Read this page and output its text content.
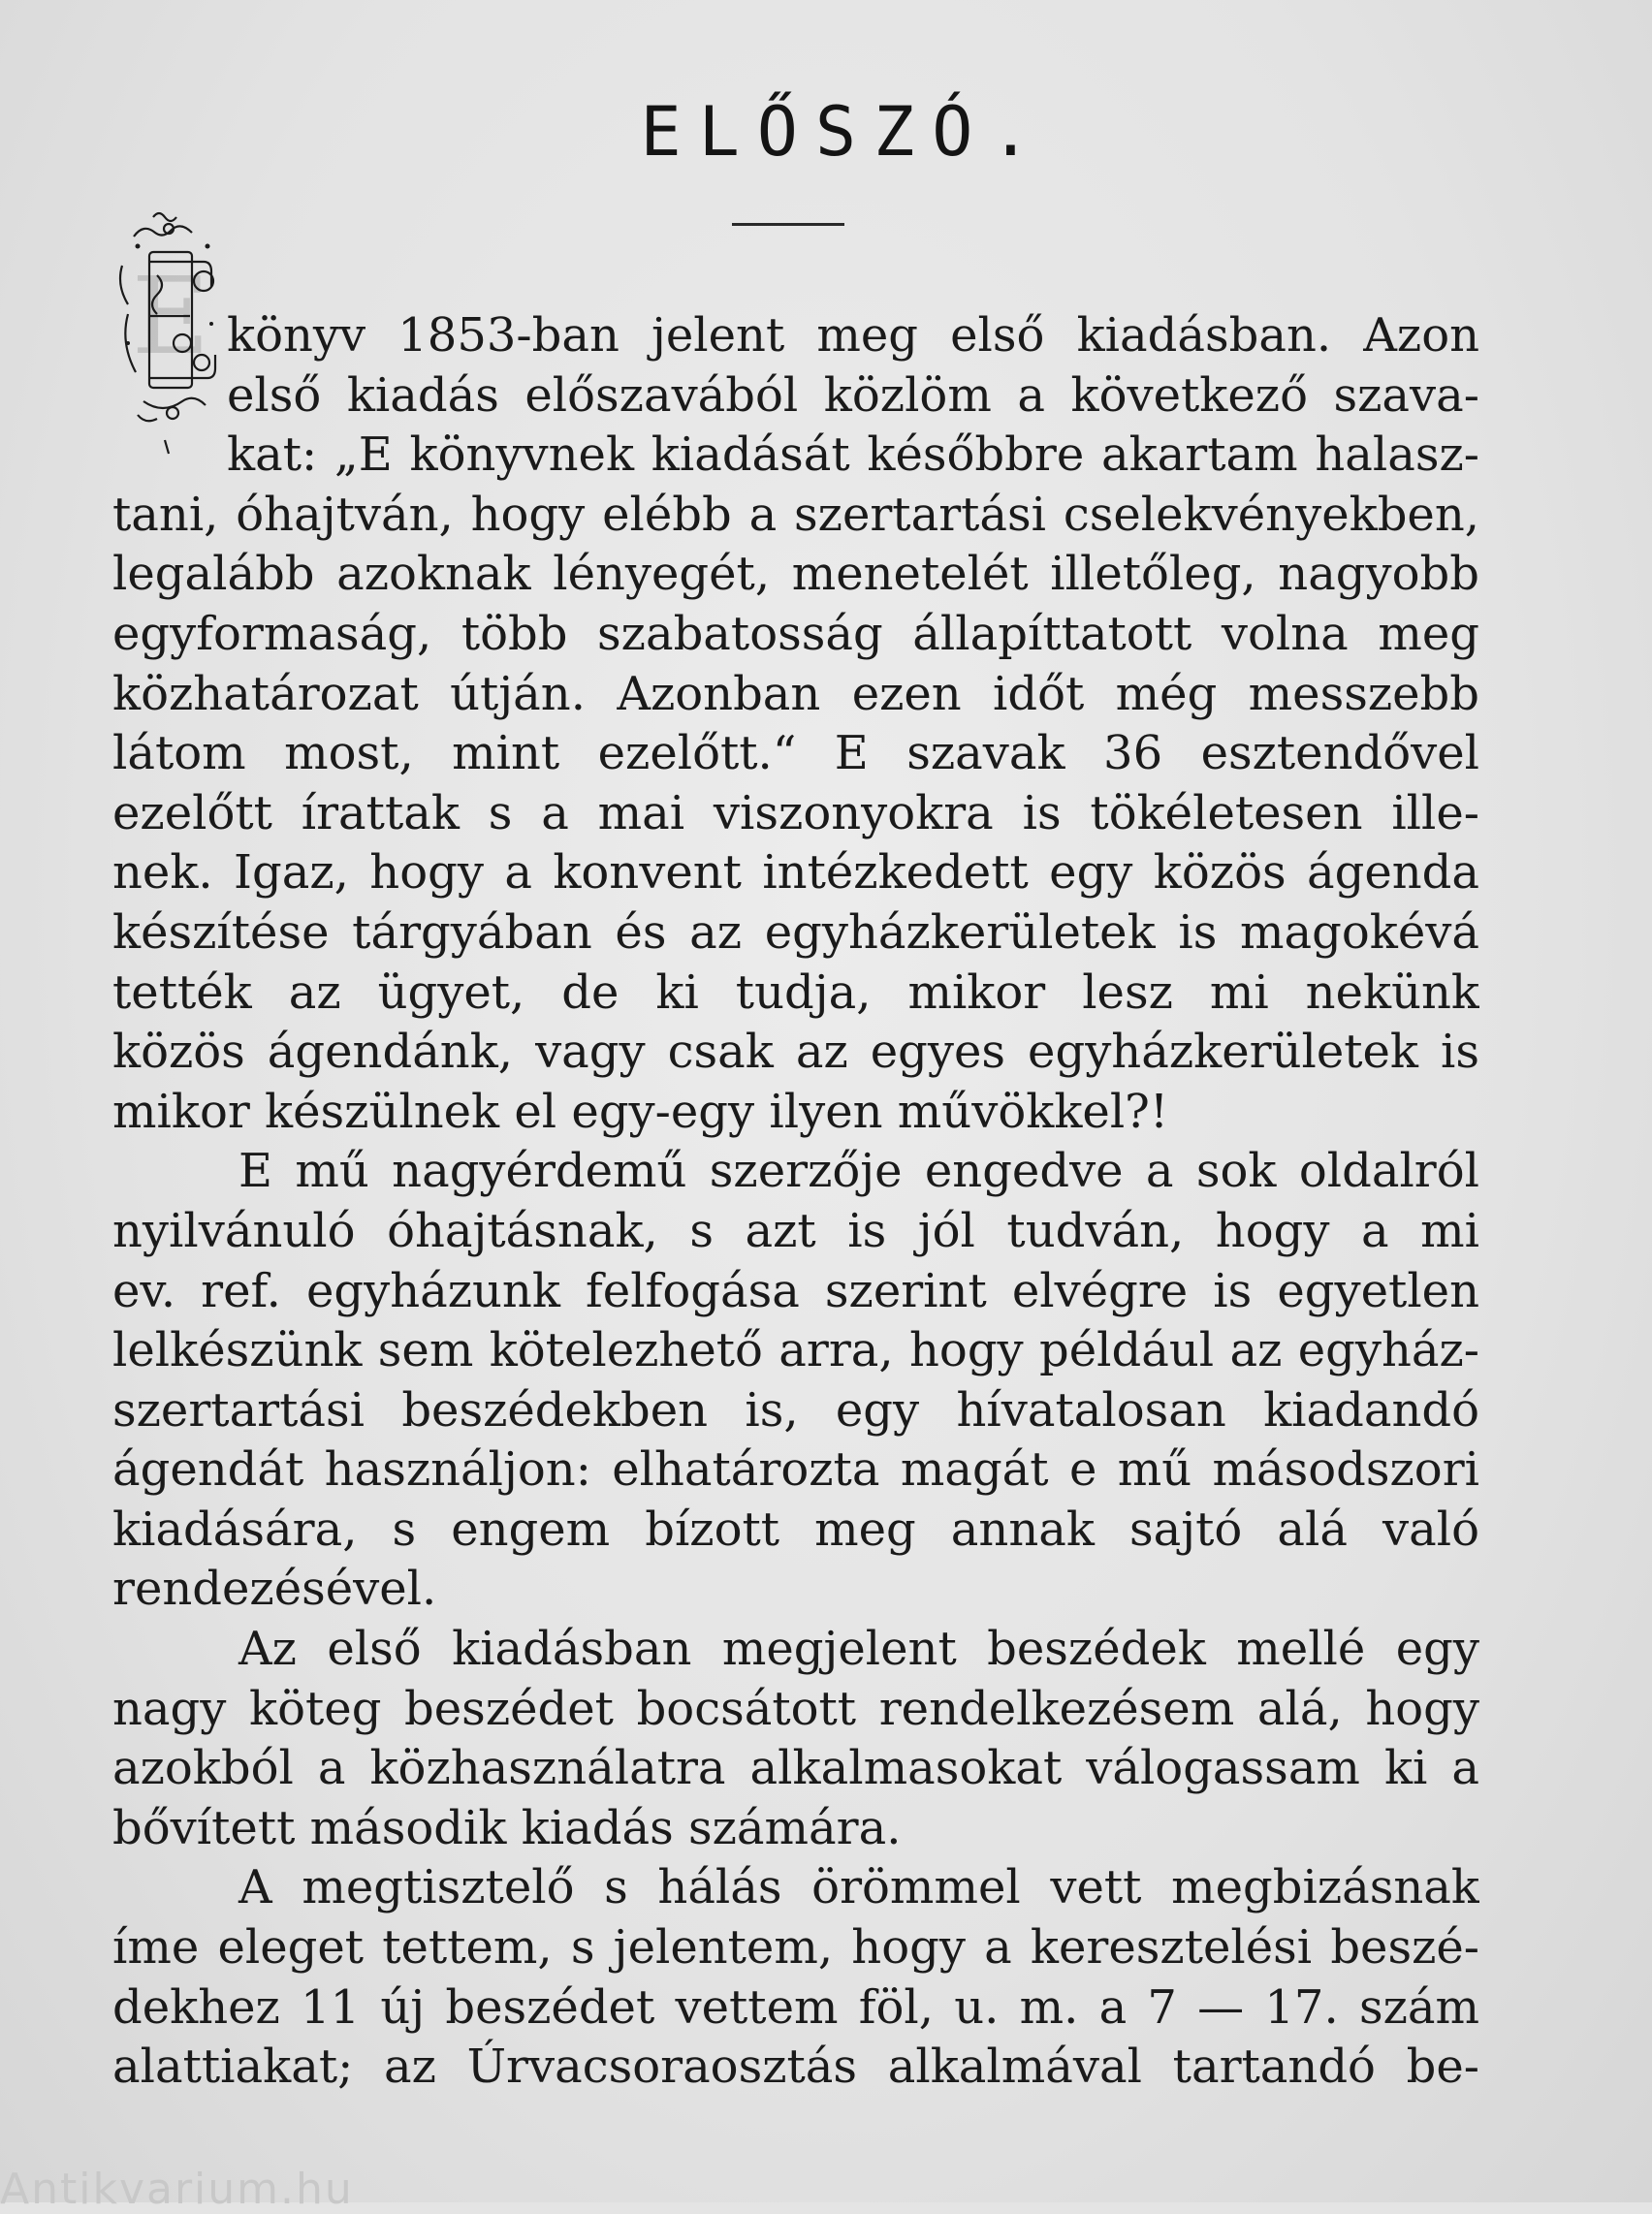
ELŐSZÓ.
E könyv 1853-ban jelent meg első kiadásban. Azon
első kiadás előszavából közlöm a következő szava-
kat: „E könyvnek kiadását későbbre akartam halasz-
tani, óhajtván, hogy elébb a szertartási cselekvényekben,
legalább azoknak lényegét, menetelét illetőleg, nagyobb
egyformaság, több szabatosság állapíttatott volna meg
közhatározat útján. Azonban ezen időt még messzebb
látom most, mint ezelőtt.“ E szavak 36 esztendővel
ezelőtt írattak s a mai viszonyokra is tökéletesen ille-
nek. Igaz, hogy a konvent intézkedett egy közös ágenda
készítése tárgyában és az egyházkerületek is magokévá
tették az ügyet, de ki tudja, mikor lesz mi nekünk
közös ágendánk, vagy csak az egyes egyházkerületek is
mikor készülnek el egy-egy ilyen művökkel?!
E mű nagyérdemű szerzője engedve a sok oldalról
nyilvánuló óhajtásnak, s azt is jól tudván, hogy a mi
ev. ref. egyházunk felfogása szerint elvégre is egyetlen
lelkészünk sem kötelezhető arra, hogy például az egyház-
szertartási beszédekben is, egy hívatalosan kiadandó
ágendát használjon: elhatározta magát e mű másodszori
kiadására, s engem bízott meg annak sajtó alá való
rendezésével.
Az első kiadásban megjelent beszédek mellé egy
nagy köteg beszédet bocsátott rendelkezésem alá, hogy
azokból a közhasználatra alkalmasokat válogassam ki a
bővített második kiadás számára.
A megtisztelő s hálás örömmel vett megbizásnak
íme eleget tettem, s jelentem, hogy a keresztelési beszé-
dekhez 11 új beszédet vettem föl, u. m. a 7 — 17. szám
alattiakat; az Úrvacsoraosztás alkalmával tartandó be-
Antikvarium.hu
